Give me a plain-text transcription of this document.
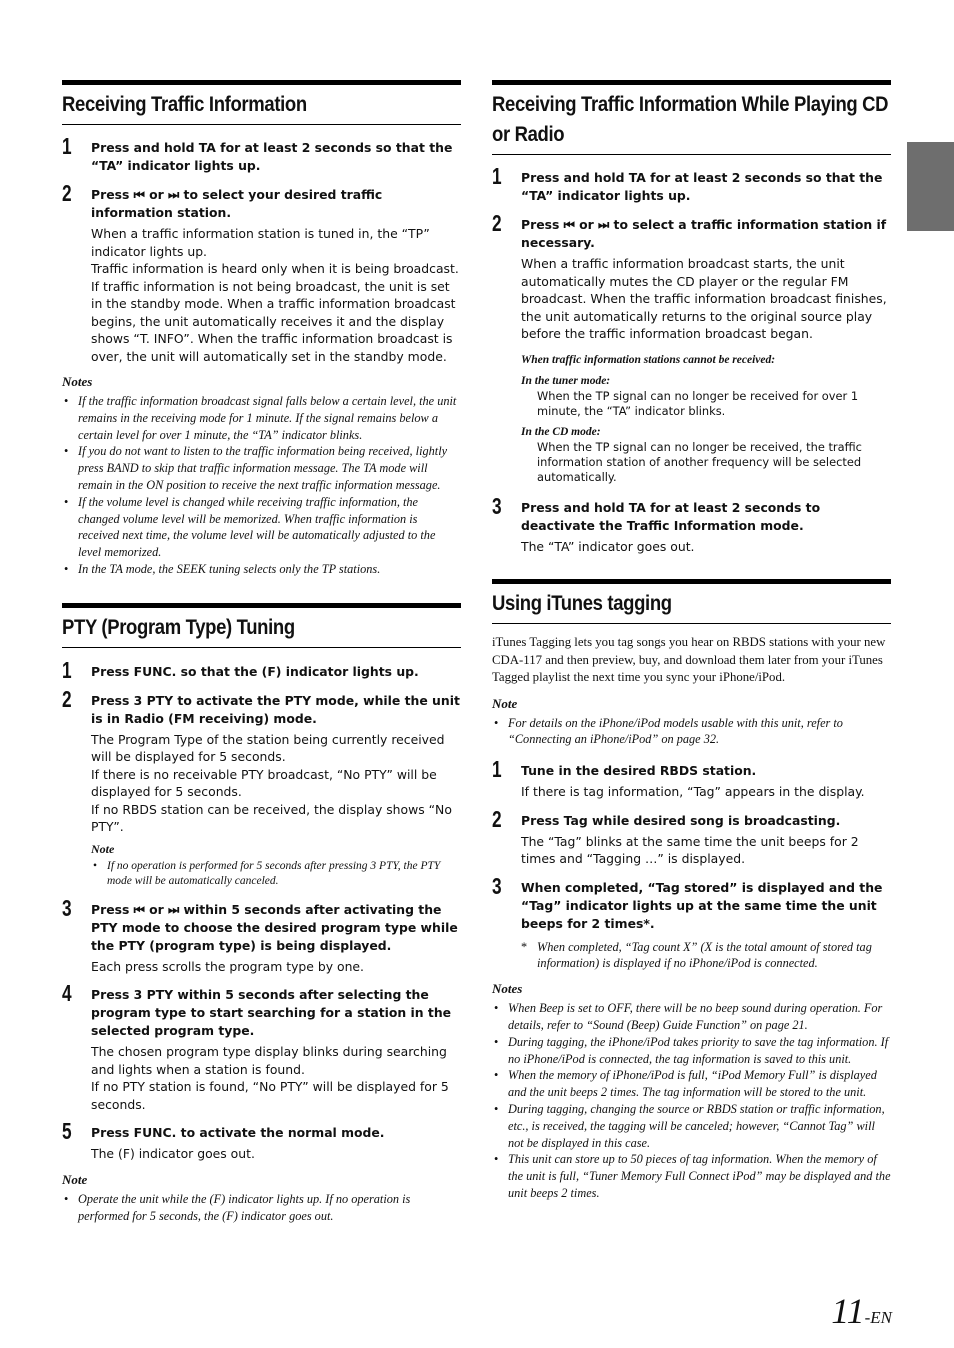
Receiving Traffic Information
1 Press and hold TA for at least 2 seconds so that the “TA” indicator lights up.
2 Press ⏮ or ⏭ to select your desired traffic information station.

When a traffic information station is tuned in, the “TP” indicator lights up.

Traffic information is heard only when it is being broadcast. If traffic information is not being broadcast, the unit is set in the standby mode. When a traffic information broadcast begins, the unit automatically receives it and the display shows “T. INFO”. When the traffic information broadcast is over, the unit will automatically set in the standby mode.

Notes
• If the traffic information broadcast signal falls below a certain level, the unit remains in the receiving mode for 1 minute. If the signal remains below a certain level for over 1 minute, the “TA” indicator blinks.
• If you do not want to listen to the traffic information being received, lightly press BAND to skip that traffic information message. The TA mode will remain in the ON position to receive the next traffic information message.
• If the volume level is changed while receiving traffic information, the changed volume level will be memorized. When traffic information is received next time, the volume level will be automatically adjusted to the level memorized.
• In the TA mode, the SEEK tuning selects only the TP stations.
PTY (Program Type) Tuning
1 Press FUNC. so that the (F) indicator lights up.
2 Press 3 PTY to activate the PTY mode, while the unit is in Radio (FM receiving) mode.

The Program Type of the station being currently received will be displayed for 5 seconds.

If there is no receivable PTY broadcast, “No PTY” will be displayed for 5 seconds.

If no RBDS station can be received, the display shows “No PTY”.

Note
• If no operation is performed for 5 seconds after pressing 3 PTY, the PTY mode will be automatically canceled.
3 Press ⏮ or ⏭ within 5 seconds after activating the PTY mode to choose the desired program type while the PTY (program type) is being displayed.

Each press scrolls the program type by one.

4 Press 3 PTY within 5 seconds after selecting the program type to start searching for a station in the selected program type.

The chosen program type display blinks during searching and lights when a station is found.

If no PTY station is found, “No PTY” will be displayed for 5 seconds.

5 Press FUNC. to activate the normal mode.

The (F) indicator goes out.

Note
• Operate the unit while the (F) indicator lights up. If no operation is performed for 5 seconds, the (F) indicator goes out.
Receiving Traffic Information While Playing CD or Radio
1 Press and hold TA for at least 2 seconds so that the “TA” indicator lights up.
2 Press ⏮ or ⏭ to select a traffic information station if necessary.

When a traffic information broadcast starts, the unit automatically mutes the CD player or the regular FM broadcast. When the traffic information broadcast finishes, the unit automatically returns to the original source play before the traffic information broadcast began.

When traffic information stations cannot be received:
In the tuner mode:
When the TP signal can no longer be received for over 1 minute, the “TA” indicator blinks.
In the CD mode:
When the TP signal can no longer be received, the traffic information station of another frequency will be selected automatically.
3 Press and hold TA for at least 2 seconds to deactivate the Traffic Information mode.

The “TA” indicator goes out.

Using iTunes tagging
iTunes Tagging lets you tag songs you hear on RBDS stations with your new CDA-117 and then preview, buy, and download them later from your iTunes Tagged playlist the next time you sync your iPhone/iPod.
Note
• For details on the iPhone/iPod models usable with this unit, refer to “Connecting an iPhone/iPod” on page 32.
1 Tune in the desired RBDS station.

If there is tag information, “Tag” appears in the display.

2 Press Tag while desired song is broadcasting.

The “Tag” blinks at the same time the unit beeps for 2 times and “Tagging …” is displayed.

3 When completed, “Tag stored” is displayed and the “Tag” indicator lights up at the same time the unit beeps for 2 times*.
* When completed, “Tag count X” (X is the total amount of stored tag information) is displayed if no iPhone/iPod is connected.
Notes
• When Beep is set to OFF, there will be no beep sound during operation. For details, refer to “Sound (Beep) Guide Function” on page 21.
• During tagging, the iPhone/iPod takes priority to save the tag information. If no iPhone/iPod is connected, the tag information is saved to this unit.
• When the memory of iPhone/iPod is full, “iPod Memory Full” is displayed and the unit beeps 2 times. The tag information will be stored to the unit.
• During tagging, changing the source or RBDS station or traffic information, etc., is received, the tagging will be canceled; however, “Cannot Tag” will not be displayed in this case.
• This unit can store up to 50 pieces of tag information. When the memory of the unit is full, “Tuner Memory Full Connect iPod” may be displayed and the unit beeps 2 times.
11-EN
